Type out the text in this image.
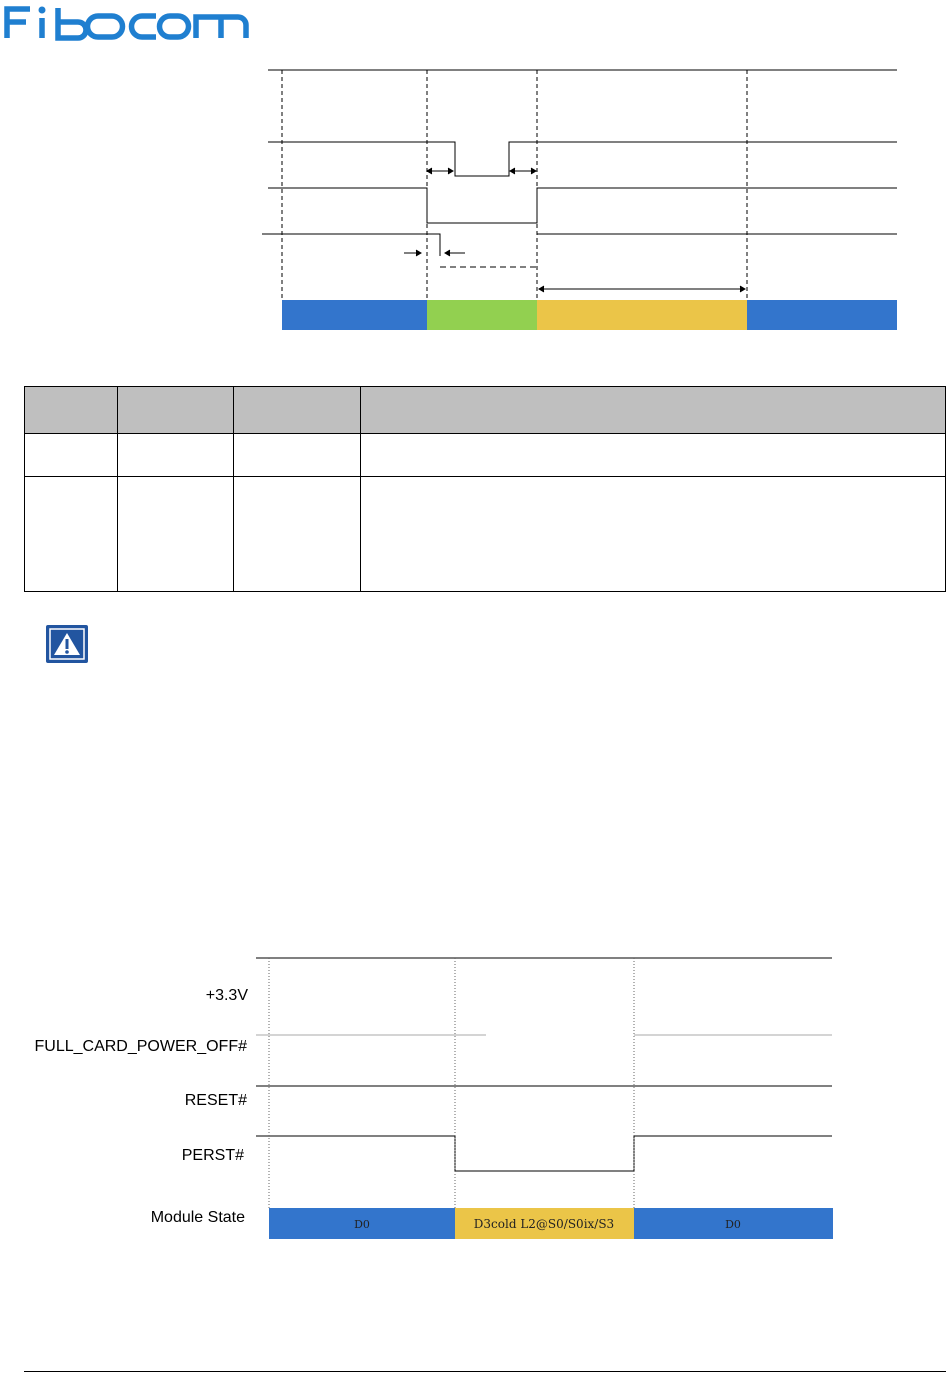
D0	D3cold L2@S0/S0ix/S3	D0
+3.3V
FULL_CARD_POWER_OFF#
RESET#
PERST#
Module State
